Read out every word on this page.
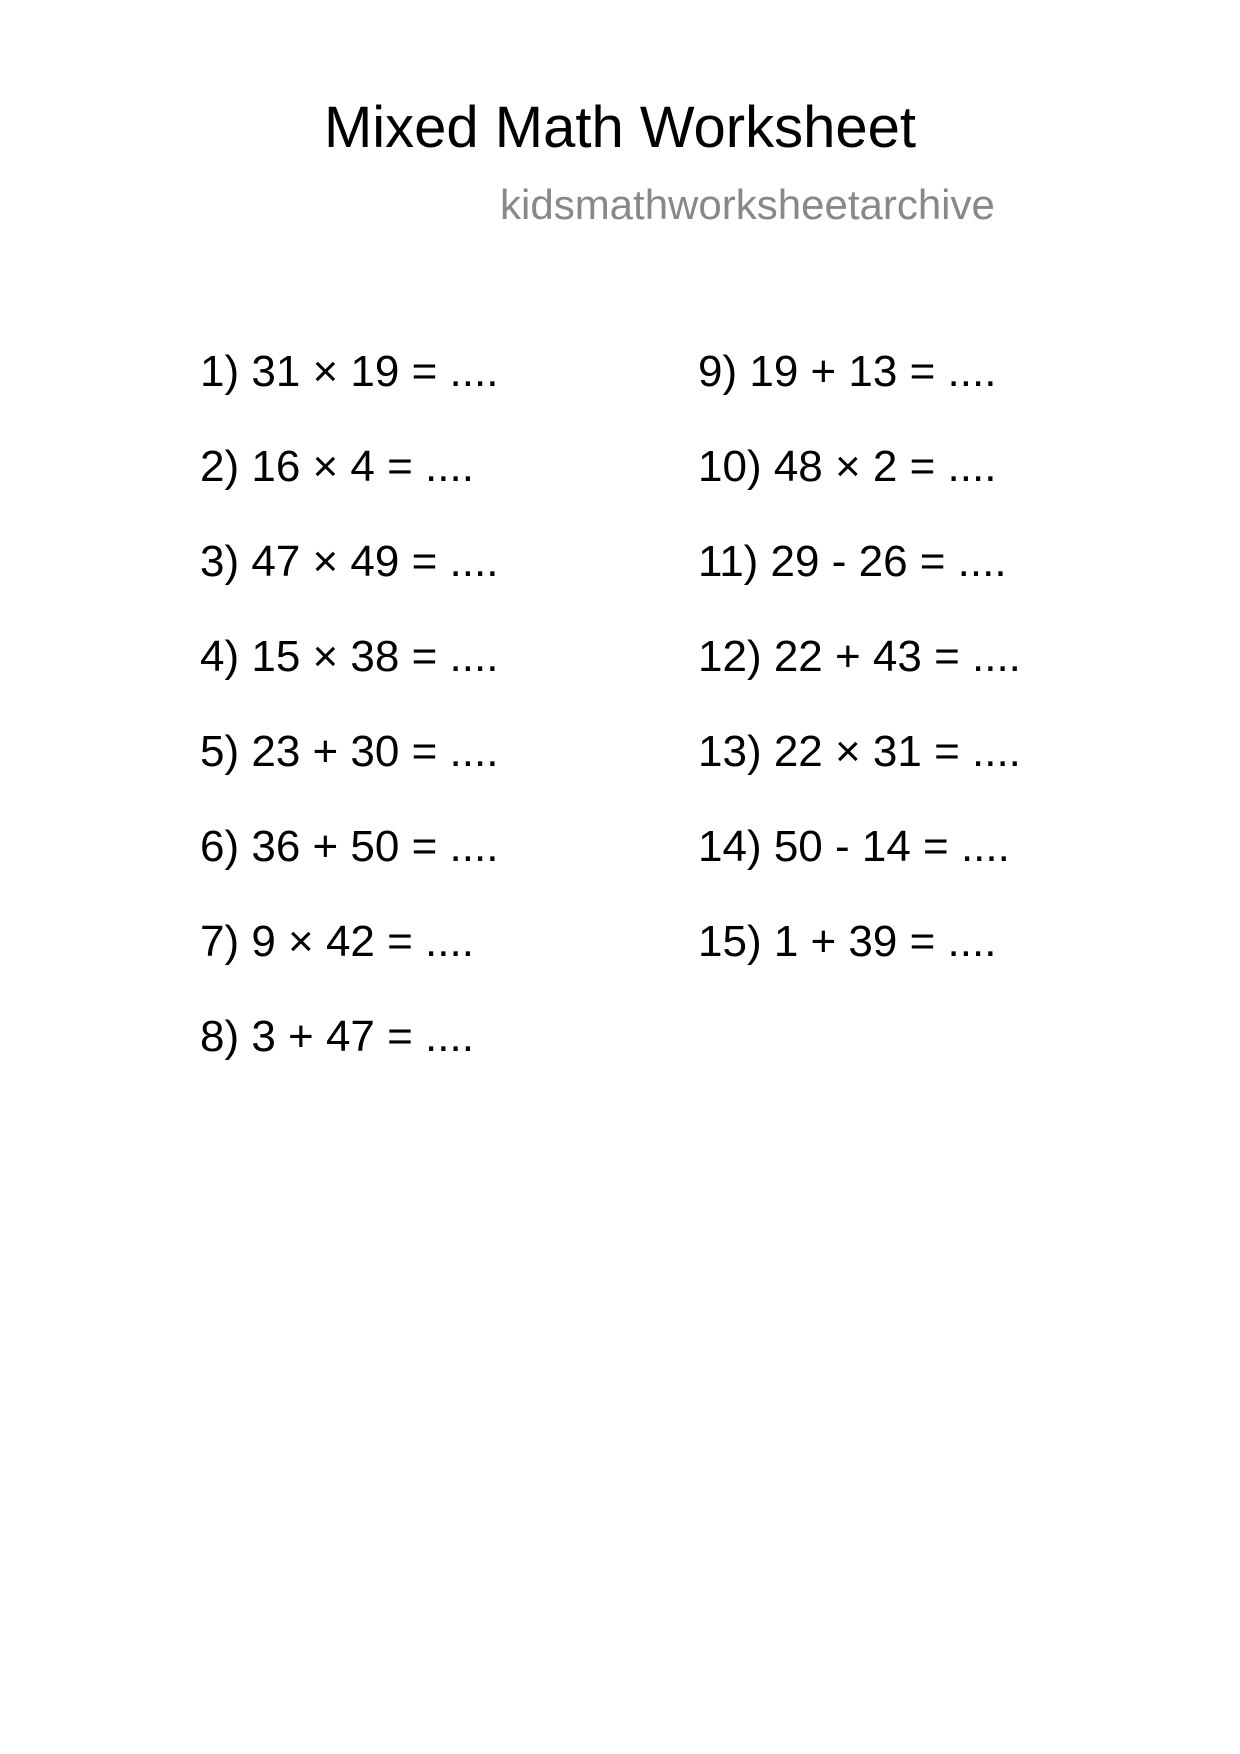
Mixed Math Worksheet
kidsmathworksheetarchive
1) 31 × 19 = ....
2) 16 × 4 = ....
3) 47 × 49 = ....
4) 15 × 38 = ....
5) 23 + 30 = ....
6) 36 + 50 = ....
7) 9 × 42 = ....
8) 3 + 47 = ....
9) 19 + 13 = ....
10) 48 × 2 = ....
11) 29 - 26 = ....
12) 22 + 43 = ....
13) 22 × 31 = ....
14) 50 - 14 = ....
15) 1 + 39 = ....
